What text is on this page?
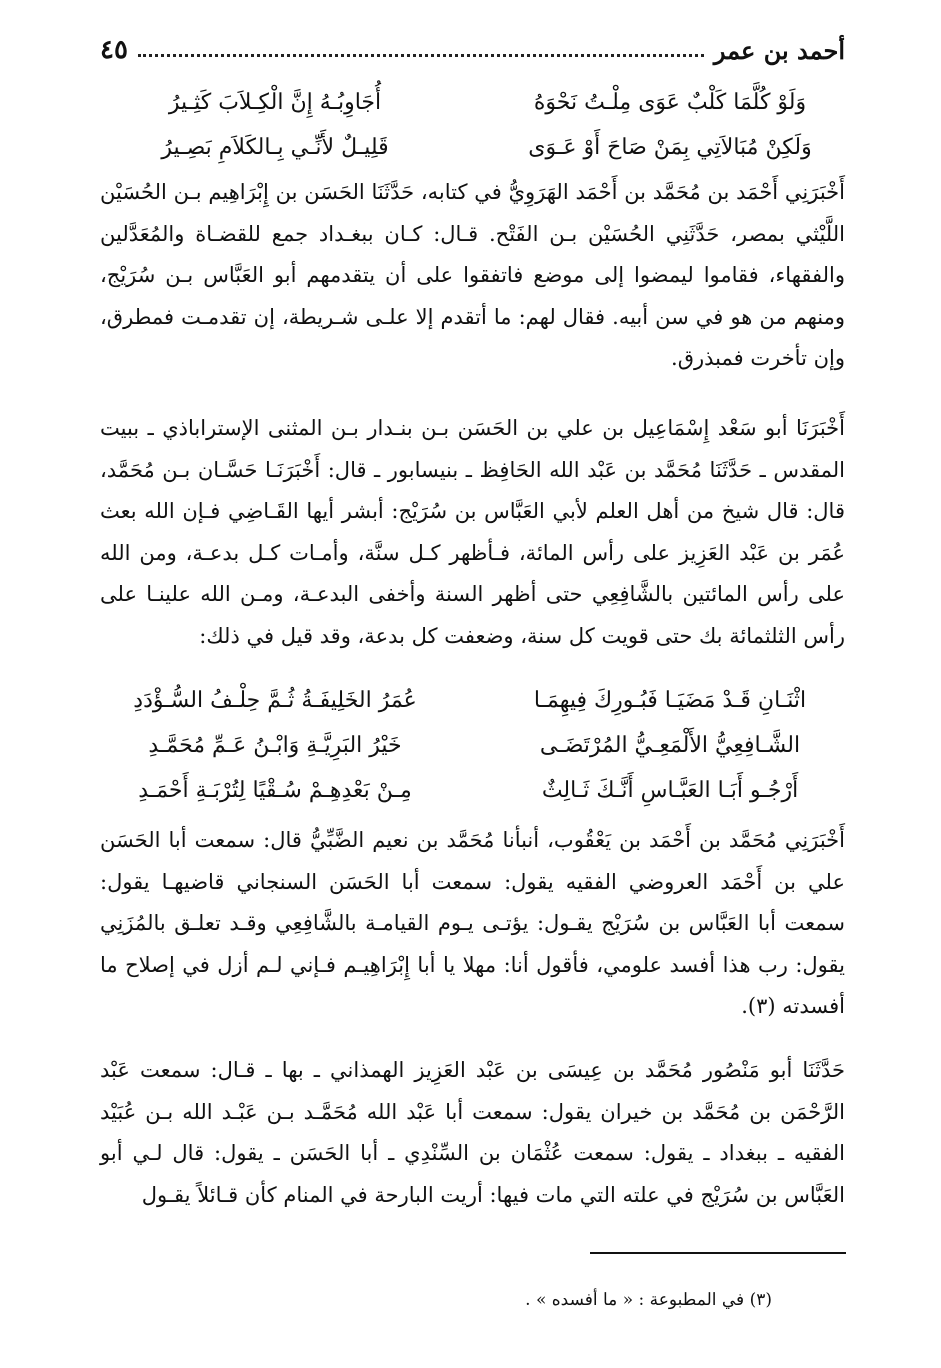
أحمد بن عمر
٤٥
وَلَوْ كُلَّمَا كَلْبٌ عَوَى مِلْـتُ نَحْوَهُ
أُجَاوِبُـهُ إِنَّ الْكِـلاَبَ كَثِـيرُ
وَلَكِنْ مُبَالاَتِي بِمَنْ صَاحَ أَوْ عَـوَى
قَلِيـلٌ لأَنِّـي بِـالكَلاَمِ بَصِـيرُ

أَخْبَرَنِي أَحْمَد بن مُحَمَّد بن أَحْمَد الهَرَوِيُّ في كتابه، حَدَّثَنَا الحَسَن بن إِبْرَاهِيم بـن الحُسَيْن اللَّيْثي بمصر، حَدَّثَنِي الحُسَيْن بـن الفَتْح. قـال: كـان ببغـداد جمع للقضـاة والمُعَدَّلين والفقهاء، فقاموا ليمضوا إلى موضع فاتفقوا على أن يتقدمهم أبو العَبَّاس بـن سُرَيْج، ومنهم من هو في سن أبيه. فقال لهم: ما أتقدم إلا علـى شـريطة، إن تقدمـت فمطرق، وإن تأخرت فمبذرق.

أَخْبَرَنَا أبو سَعْد إِسْمَاعِيل بن علي بن الحَسَن بـن بنـدار بـن المثنى الإستراباذي ـ ببيت المقدس ـ حَدَّثَنَا مُحَمَّد بن عَبْد الله الحَافِظ ـ بنيسابور ـ قال: أَخْبَرَنَـا حَسَّـان بـن مُحَمَّد، قال: قال شيخ من أهل العلم لأبي العَبَّاس بن سُرَيْج: أبشر أيها القَـاضِي فـإن الله بعث عُمَر بن عَبْد العَزِيز على رأس المائة، فـأظهر كـل سنَّة، وأمـات كـل بدعـة، ومن الله على رأس المائتين بالشَّافِعِي حتى أظهر السنة وأخفى البدعـة، ومـن الله علينـا على رأس الثلثمائة بك حتى قويت كل سنة، وضعفت كل بدعة، وقد قيل في ذلك:

اثْنَـانِ قَـدْ مَضَيَـا فَبُـورِكَ فِيهِمَـا
عُمَرُ الخَلِيفَـةُ ثُـمَّ حِلْـفُ السُّـؤْدَدِ
الشَّـافِعِيُّ الأَلْمَعِـيُّ المُرْتَضَـى
خَيْرُ البَرِيَّـةِ وَابْـنُ عَـمِّ مُحَمَّـدِ
أَرْجُـو أَبَـا العَبَّـاسِ أَنَّـكَ ثَـالِثٌ
مِـنْ بَعْدِهِـمْ سُـقْيًا لِتُرْبَـةِ أَحْمَـدِ

أَخْبَرَنِي مُحَمَّد بن أَحْمَد بن يَعْقُوب، أنبأنا مُحَمَّد بن نعيم الضَّبِّيُّ قال: سمعت أبا الحَسَن علي بن أَحْمَد العروضي الفقيه يقول: سمعت أبا الحَسَن السنجاني قاضيهـا يقول: سمعت أبا العَبَّاس بن سُرَيْج يقـول: يؤتـى يـوم القيامـة بالشَّافِعِي وقـد تعلـق بالمُزَنِي يقول: رب هذا أفسد علومي، فأقول أنا: مهلا يا أبا إِبْرَاهِيـم فـإني لـم أزل في إصلاح ما أفسدته (٣).

حَدَّثَنَا أبو مَنْصُور مُحَمَّد بن عِيسَى بن عَبْد العَزِيز الهمذاني ـ بها ـ قـال: سمعت عَبْد الرَّحْمَن بن مُحَمَّد بن خيران يقول: سمعت أبا عَبْد الله مُحَمَّـد بـن عَبْـد الله بـن عُبَيْد الفقيه ـ ببغداد ـ يقول: سمعت عُثْمَان بن السِّنْدِي ـ أبا الحَسَن ـ يقول: قال لـي أبو العَبَّاس بن سُرَيْج في علته التي مات فيها: أريت البارحة في المنام كأن قـائلاً يقـول

(٣) في المطبوعة : « ما أفسده » .
